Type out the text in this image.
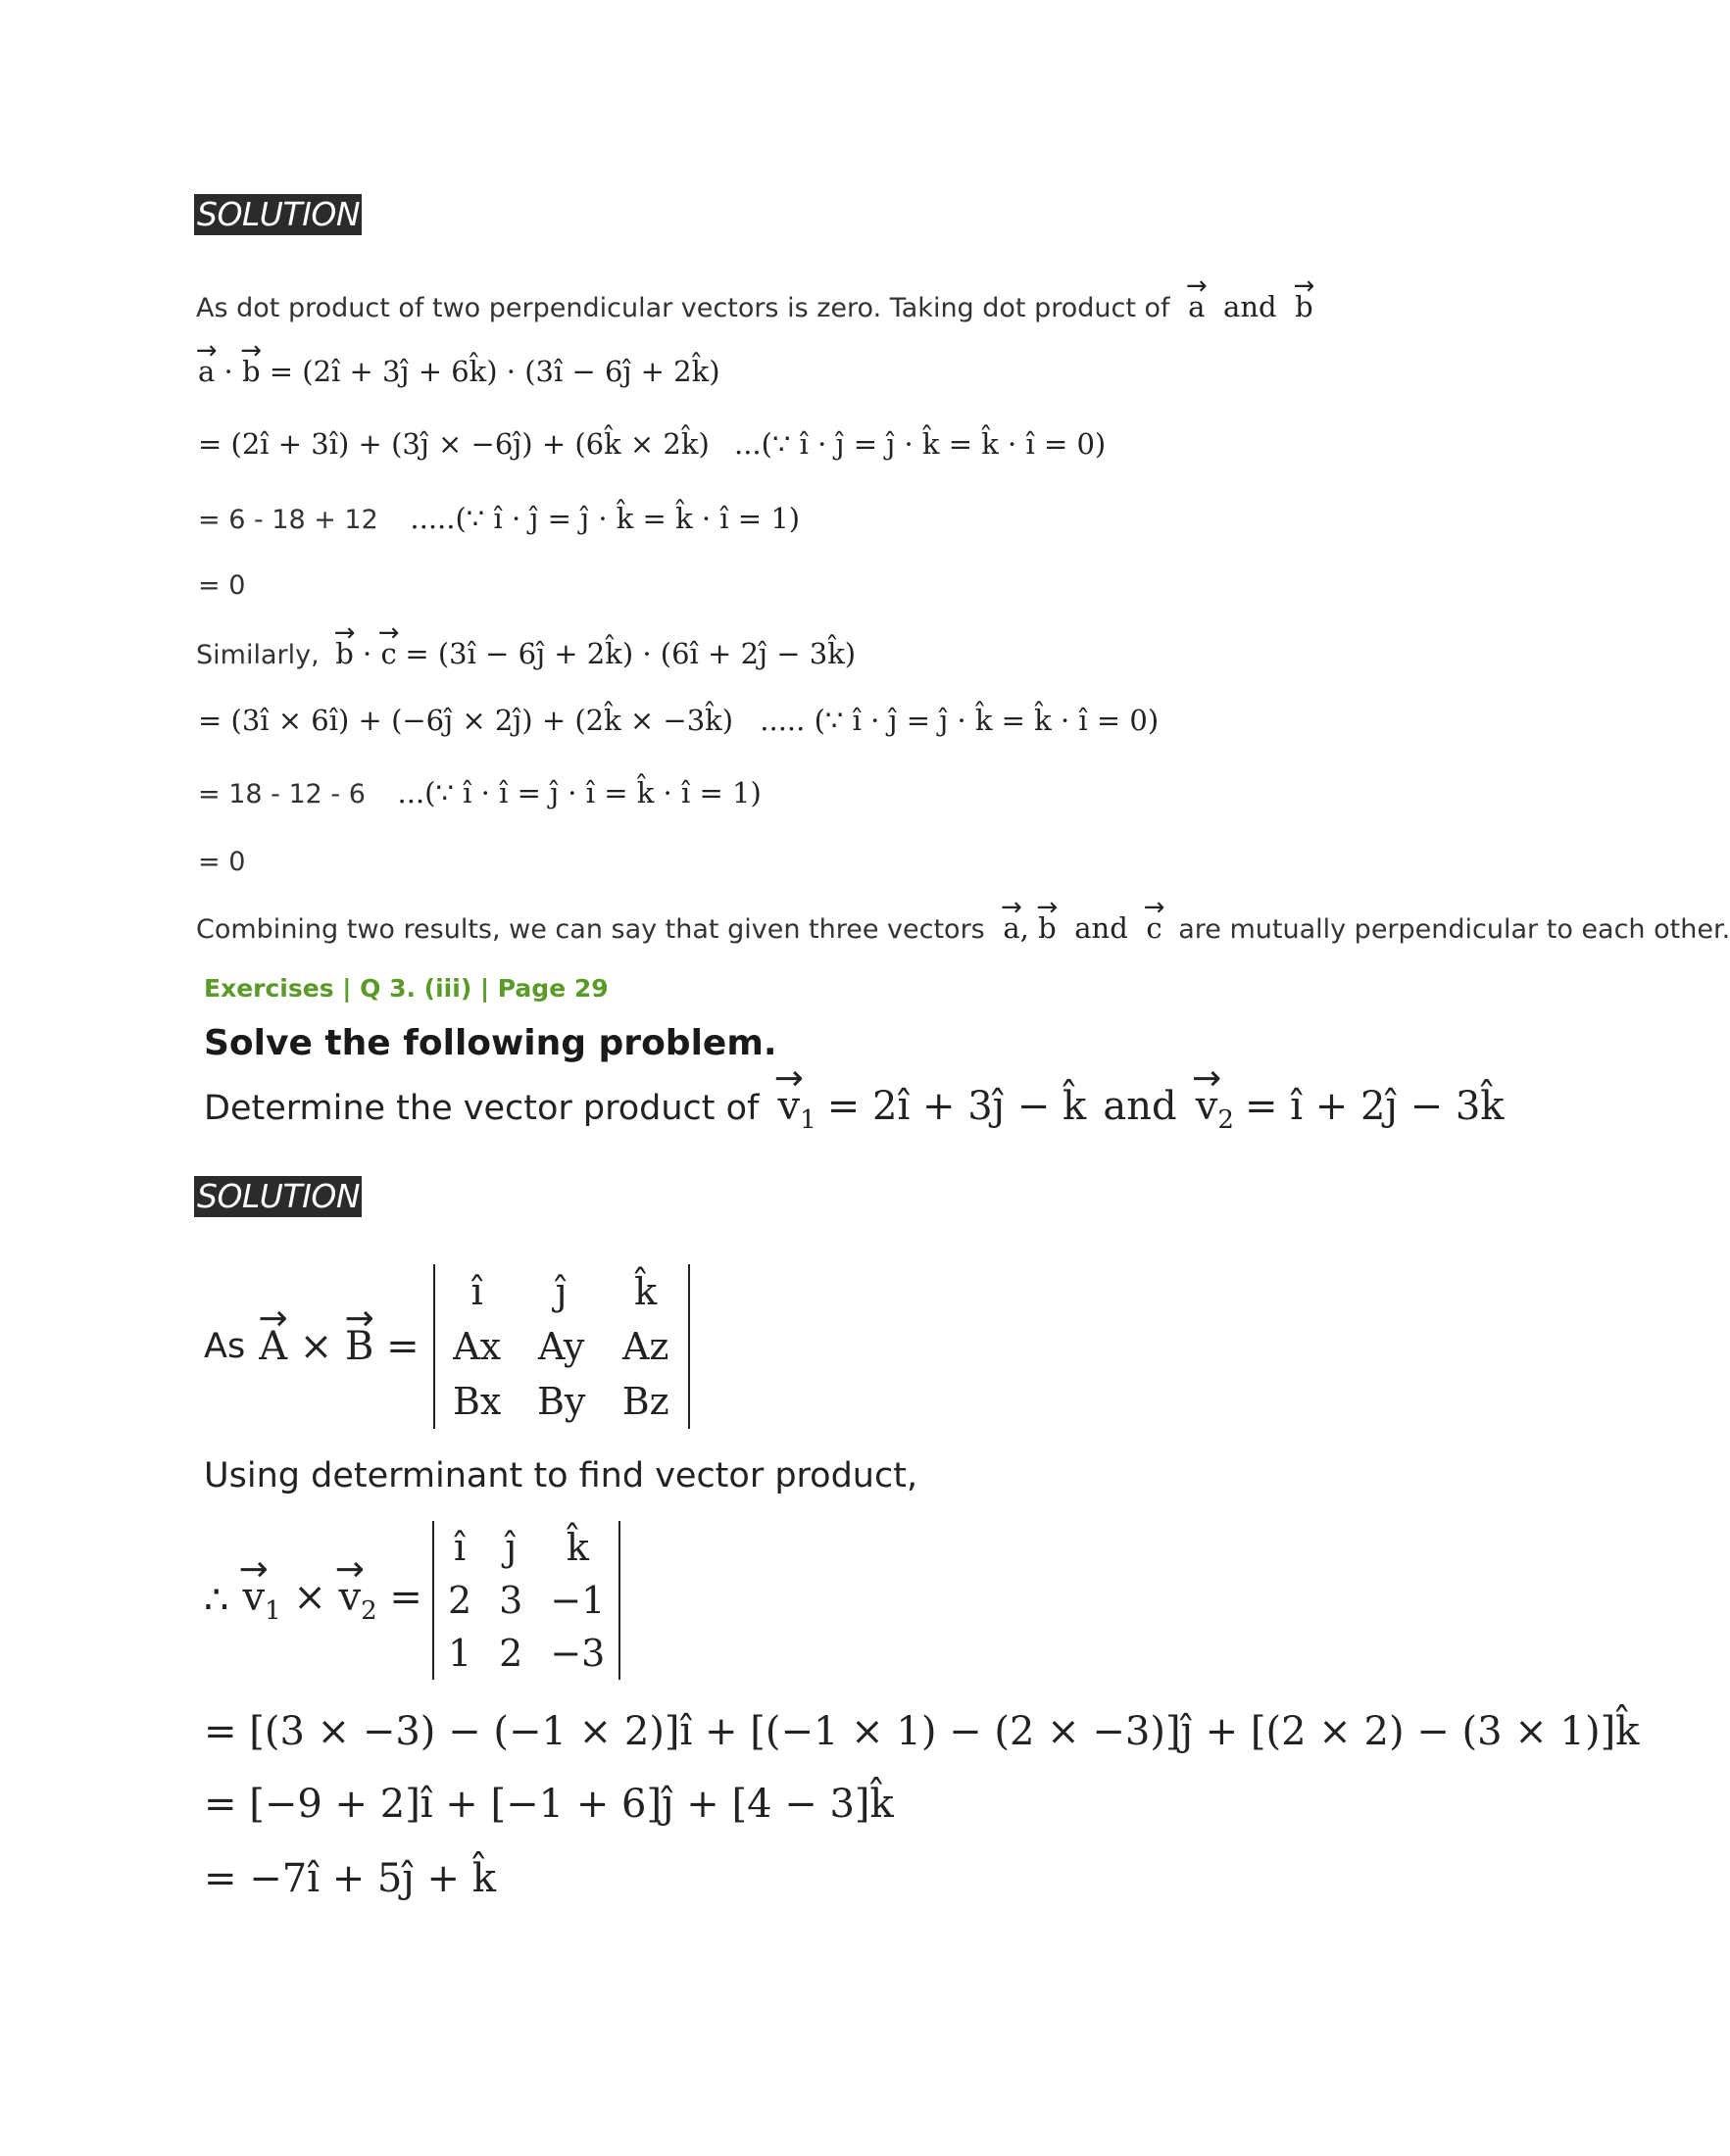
SOLUTION
As dot product of two perpendicular vectors is zero. Taking dot product of → a and → b
→ a · → b = (2î + 3ĵ + 6k̂) · (3î − 6ĵ + 2k̂)
= (2î + 3î) + (3ĵ × −6ĵ) + (6k̂ × 2k̂) ...(∵ î · ĵ = ĵ · k̂ = k̂ · î = 0)
= 6 - 18 + 12 .....(∵ î · ĵ = ĵ · k̂ = k̂ · î = 1)
= 0
Similarly, → b · → c = (3î − 6ĵ + 2k̂) · (6î + 2ĵ − 3k̂)
= (3î × 6î) + (−6ĵ × 2ĵ) + (2k̂ × −3k̂) ..... (∵ î · ĵ = ĵ · k̂ = k̂ · î = 0)
= 18 - 12 - 6 ...(∵ î · î = ĵ · î = k̂ · î = 1)
= 0
Combining two results, we can say that given three vectors → a, → b and → c are mutually perpendicular to each other.
Exercises | Q 3. (iii) | Page 29
Solve the following problem.
Determine the vector product of → $v_1$ = 2î + 3ĵ − k̂ and → $v_2$ = î + 2ĵ − 3k̂
SOLUTION
As → A × → B =
î	ĵ	k̂
Ax	Ay	Az
Bx	By	Bz
Using determinant to find vector product,
∴ → $v_1$ × → $v_2$ =
î	ĵ	k̂
2	3	−1
1	2	−3
= [(3 × −3) − (−1 × 2)]î + [(−1 × 1) − (2 × −3)]ĵ + [(2 × 2) − (3 × 1)]k̂
= [−9 + 2]î + [−1 + 6]ĵ + [4 − 3]k̂
= −7î + 5ĵ + k̂
